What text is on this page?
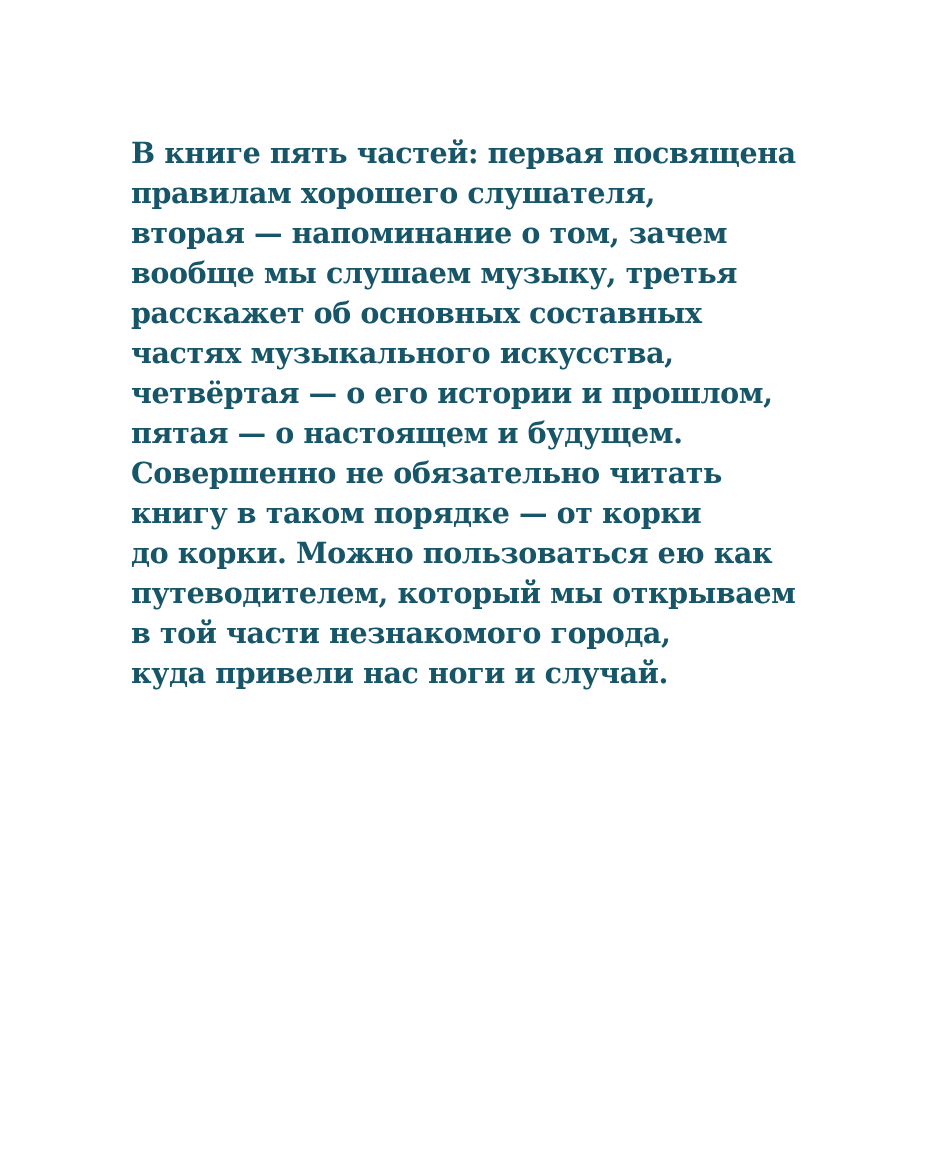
В книге пять частей: первая посвящена
правилам хорошего слушателя,
вторая — напоминание о том, зачем
вообще мы слушаем музыку, третья
расскажет об основных составных
частях музыкального искусства,
четвёртая — о его истории и прошлом,
пятая — о настоящем и будущем.
Совершенно не обязательно читать
книгу в таком порядке — от корки
до корки. Можно пользоваться ею как
путеводителем, который мы открываем
в той части незнакомого города,
куда привели нас ноги и случай.
